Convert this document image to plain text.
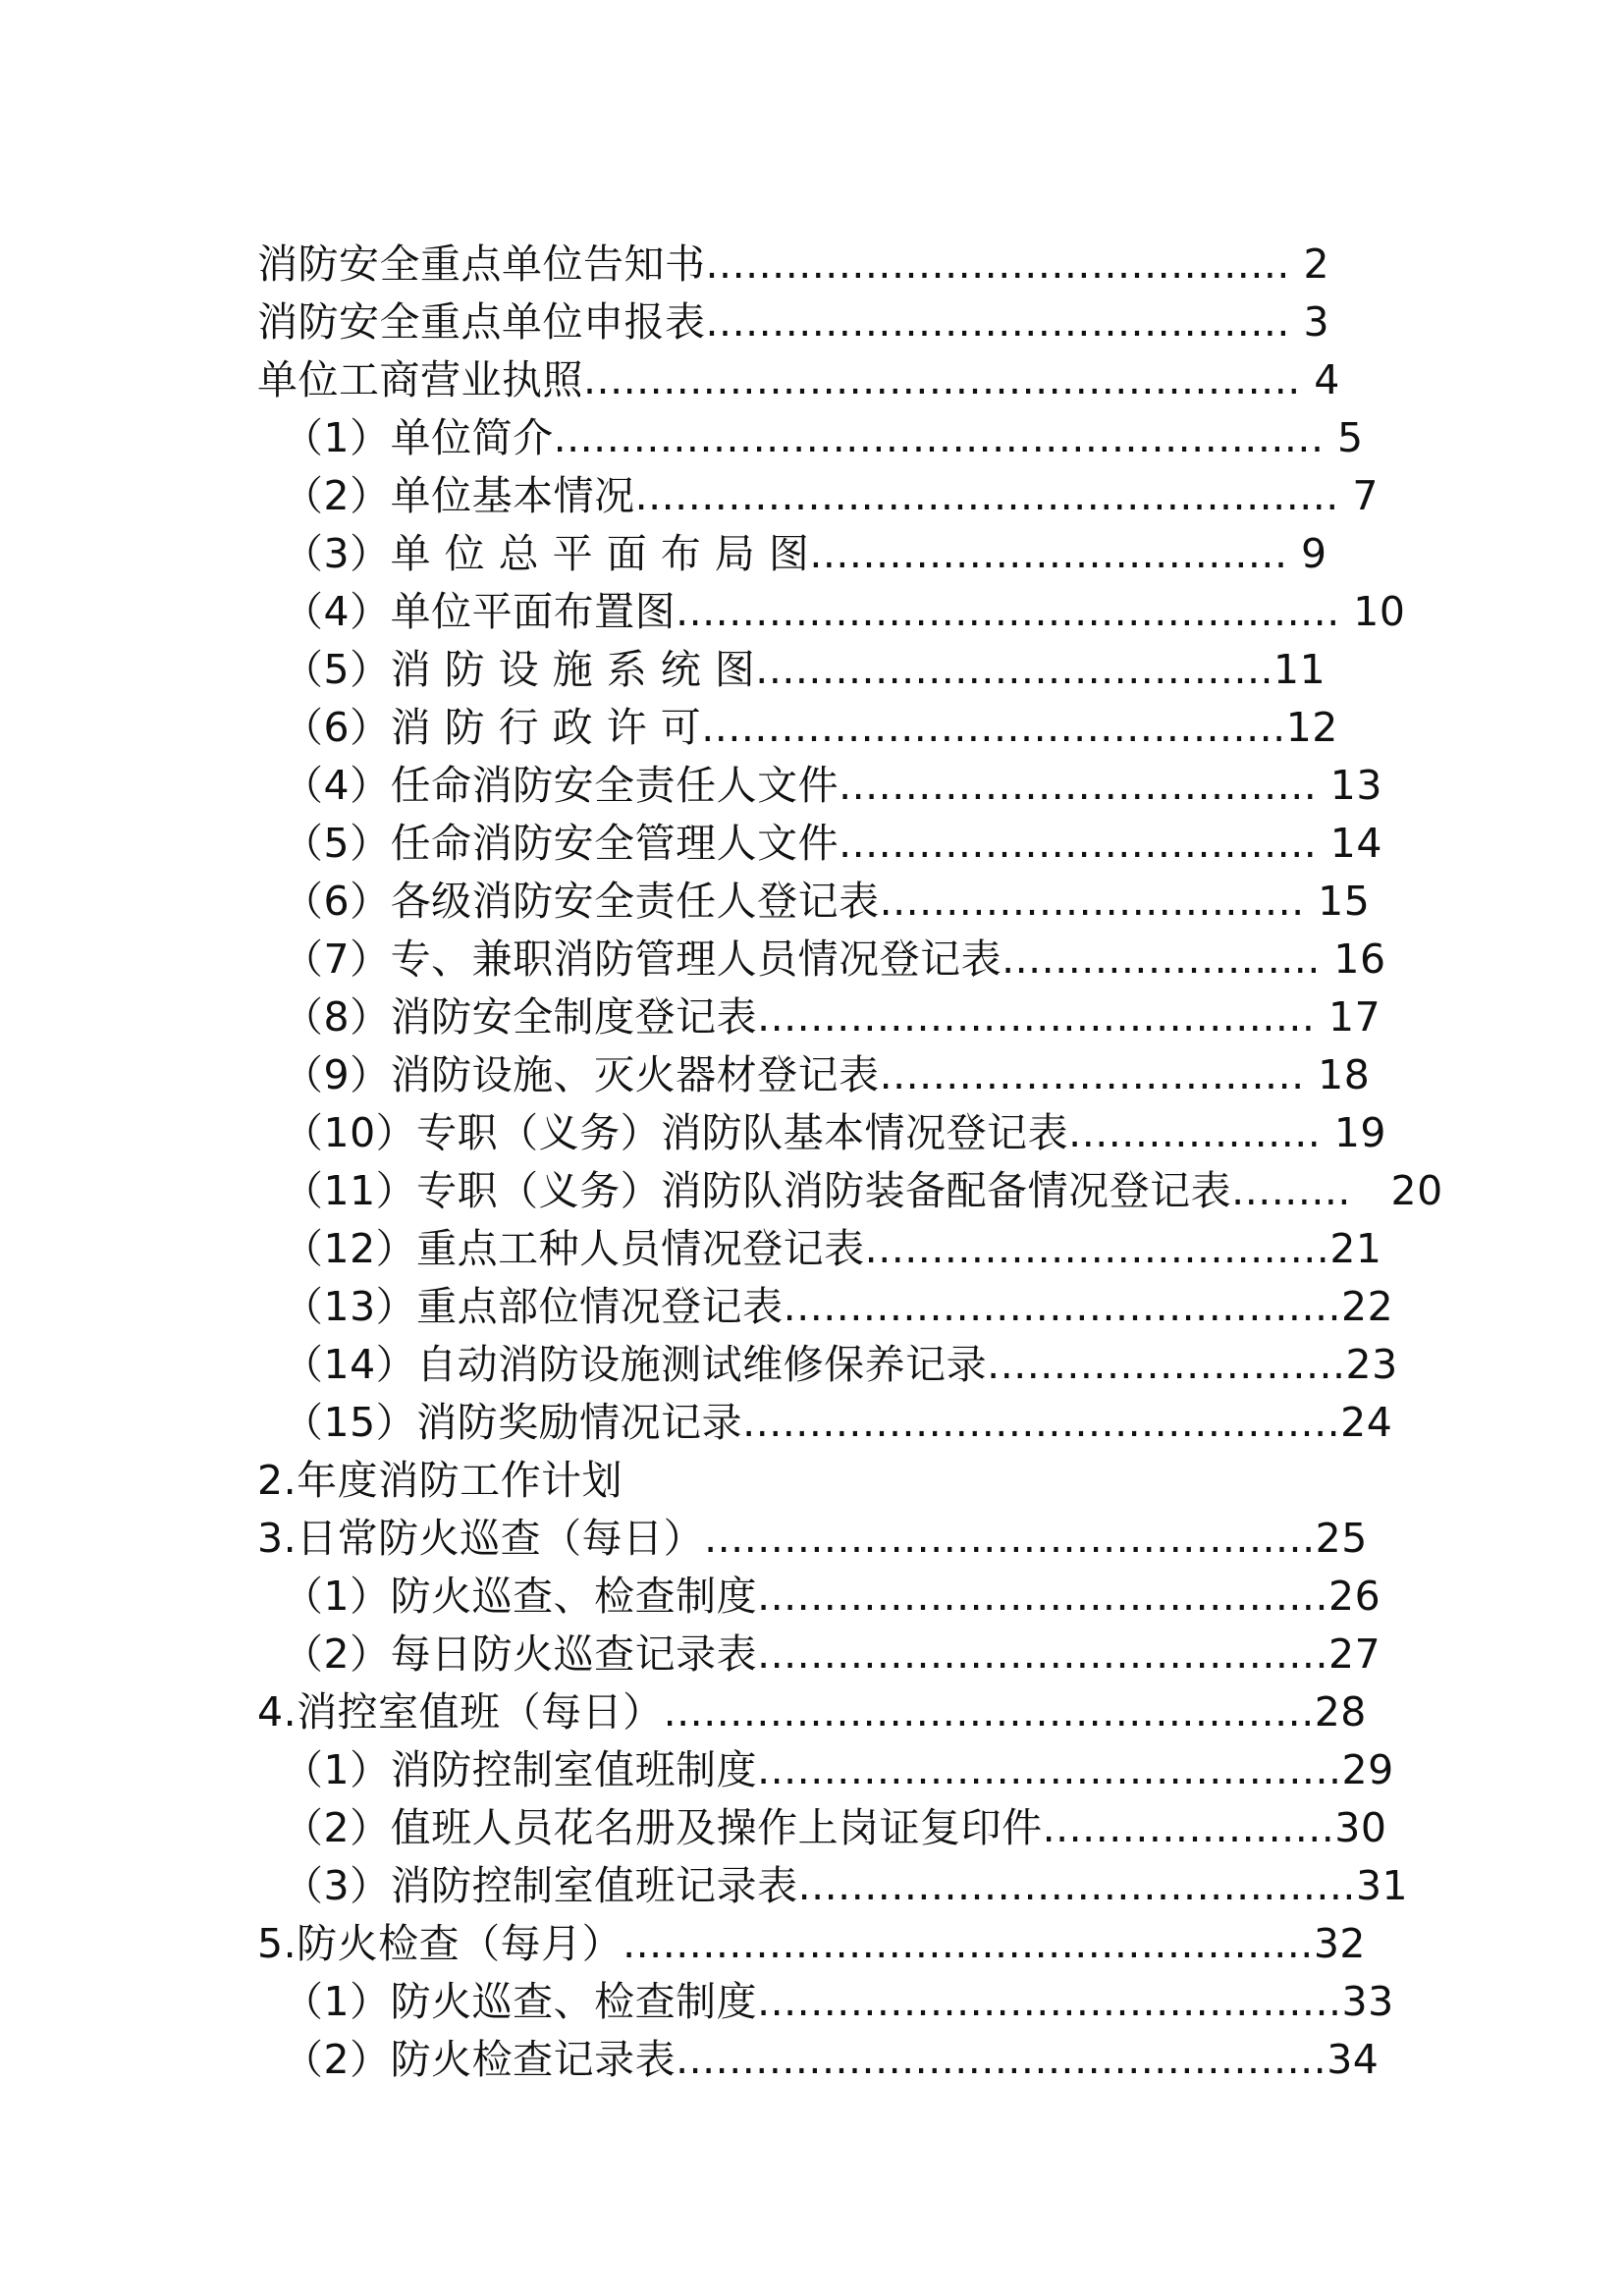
消防安全重点单位告知书............................................ 2
消防安全重点单位申报表............................................ 3
单位工商营业执照...................................................... 4
（1）单位简介.......................................................... 5
（2）单位基本情况..................................................... 7
（3）单 位 总 平 面 布 局 图.................................... 9
（4）单位平面布置图.................................................. 10
（5）消 防 设 施 系 统 图.......................................11
（6）消 防 行 政 许 可............................................12
（4）任命消防安全责任人文件.................................... 13
（5）任命消防安全管理人文件.................................... 14
（6）各级消防安全责任人登记表................................ 15
（7）专、兼职消防管理人员情况登记表........................ 16
（8）消防安全制度登记表.......................................... 17
（9）消防设施、灭火器材登记表................................ 18
（10）专职（义务）消防队基本情况登记表................... 19
（11）专职（义务）消防队消防装备配备情况登记表.........   20
（12）重点工种人员情况登记表...................................21
（13）重点部位情况登记表..........................................22
（14）自动消防设施测试维修保养记录...........................23
（15）消防奖励情况记录.............................................24
2.年度消防工作计划
3.日常防火巡查（每日）..............................................25
（1）防火巡查、检查制度...........................................26
（2）每日防火巡查记录表...........................................27
4.消控室值班（每日）.................................................28
（1）消防控制室值班制度............................................29
（2）值班人员花名册及操作上岗证复印件......................30
（3）消防控制室值班记录表..........................................31
5.防火检查（每月）....................................................32
（1）防火巡查、检查制度............................................33
（2）防火检查记录表.................................................34
